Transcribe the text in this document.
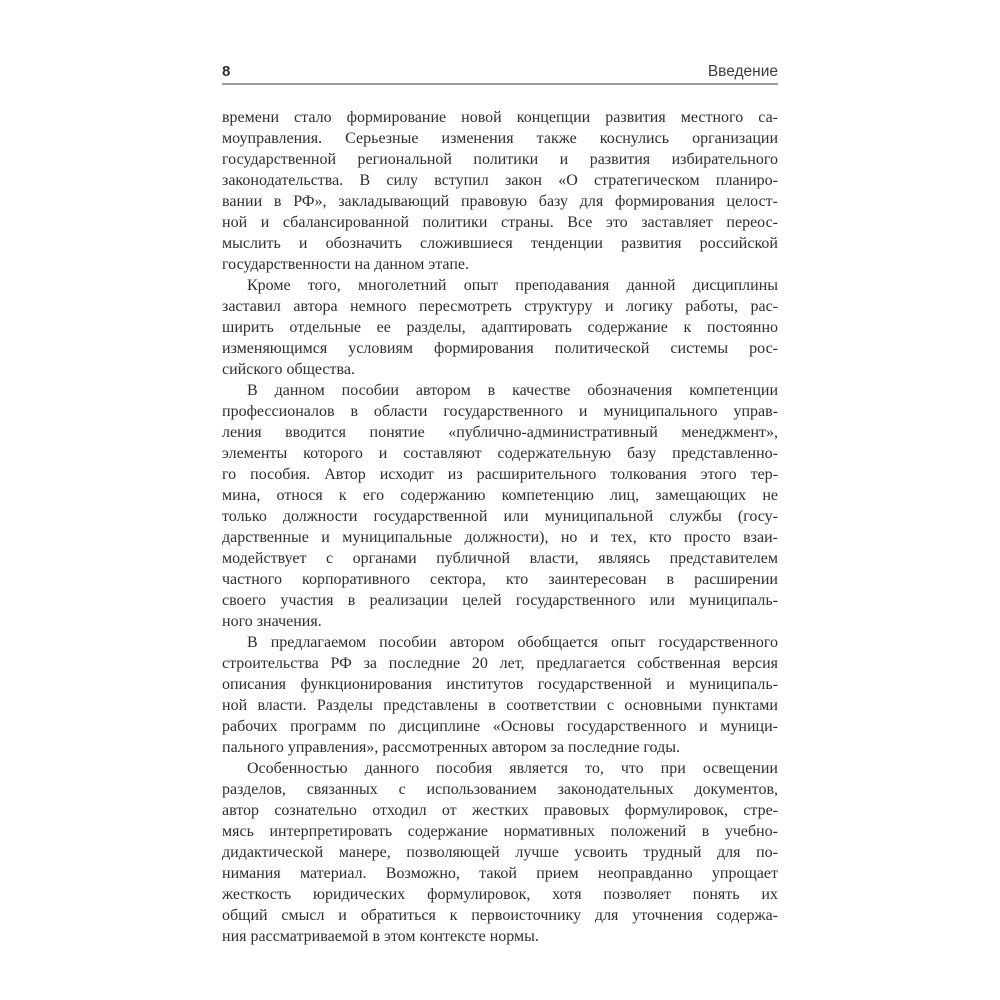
8	Введение
времени стало формирование новой концепции развития местного са-
моуправления. Серьезные изменения также коснулись организации
государственной региональной политики и развития избирательного
законодательства. В силу вступил закон «О стратегическом планиро-
вании в РФ», закладывающий правовую базу для формирования целост-
ной и сбалансированной политики страны. Все это заставляет переос-
мыслить и обозначить сложившиеся тенденции развития российской
государственности на данном этапе.
Кроме того, многолетний опыт преподавания данной дисциплины
заставил автора немного пересмотреть структуру и логику работы, рас-
ширить отдельные ее разделы, адаптировать содержание к постоянно
изменяющимся условиям формирования политической системы рос-
сийского общества.
В данном пособии автором в качестве обозначения компетенции
профессионалов в области государственного и муниципального управ-
ления вводится понятие «публично-административный менеджмент»,
элементы которого и составляют содержательную базу представленно-
го пособия. Автор исходит из расширительного толкования этого тер-
мина, относя к его содержанию компетенцию лиц, замещающих не
только должности государственной или муниципальной службы (госу-
дарственные и муниципальные должности), но и тех, кто просто взаи-
модействует с органами публичной власти, являясь представителем
частного корпоративного сектора, кто заинтересован в расширении
своего участия в реализации целей государственного или муниципаль-
ного значения.
В предлагаемом пособии автором обобщается опыт государственного
строительства РФ за последние 20 лет, предлагается собственная версия
описания функционирования институтов государственной и муниципаль-
ной власти. Разделы представлены в соответствии с основными пунктами
рабочих программ по дисциплине «Основы государственного и муници-
пального управления», рассмотренных автором за последние годы.
Особенностью данного пособия является то, что при освещении
разделов, связанных с использованием законодательных документов,
автор сознательно отходил от жестких правовых формулировок, стре-
мясь интерпретировать содержание нормативных положений в учебно-
дидактической манере, позволяющей лучше усвоить трудный для по-
нимания материал. Возможно, такой прием неоправданно упрощает
жесткость юридических формулировок, хотя позволяет понять их
общий смысл и обратиться к первоисточнику для уточнения содержа-
ния рассматриваемой в этом контексте нормы.
